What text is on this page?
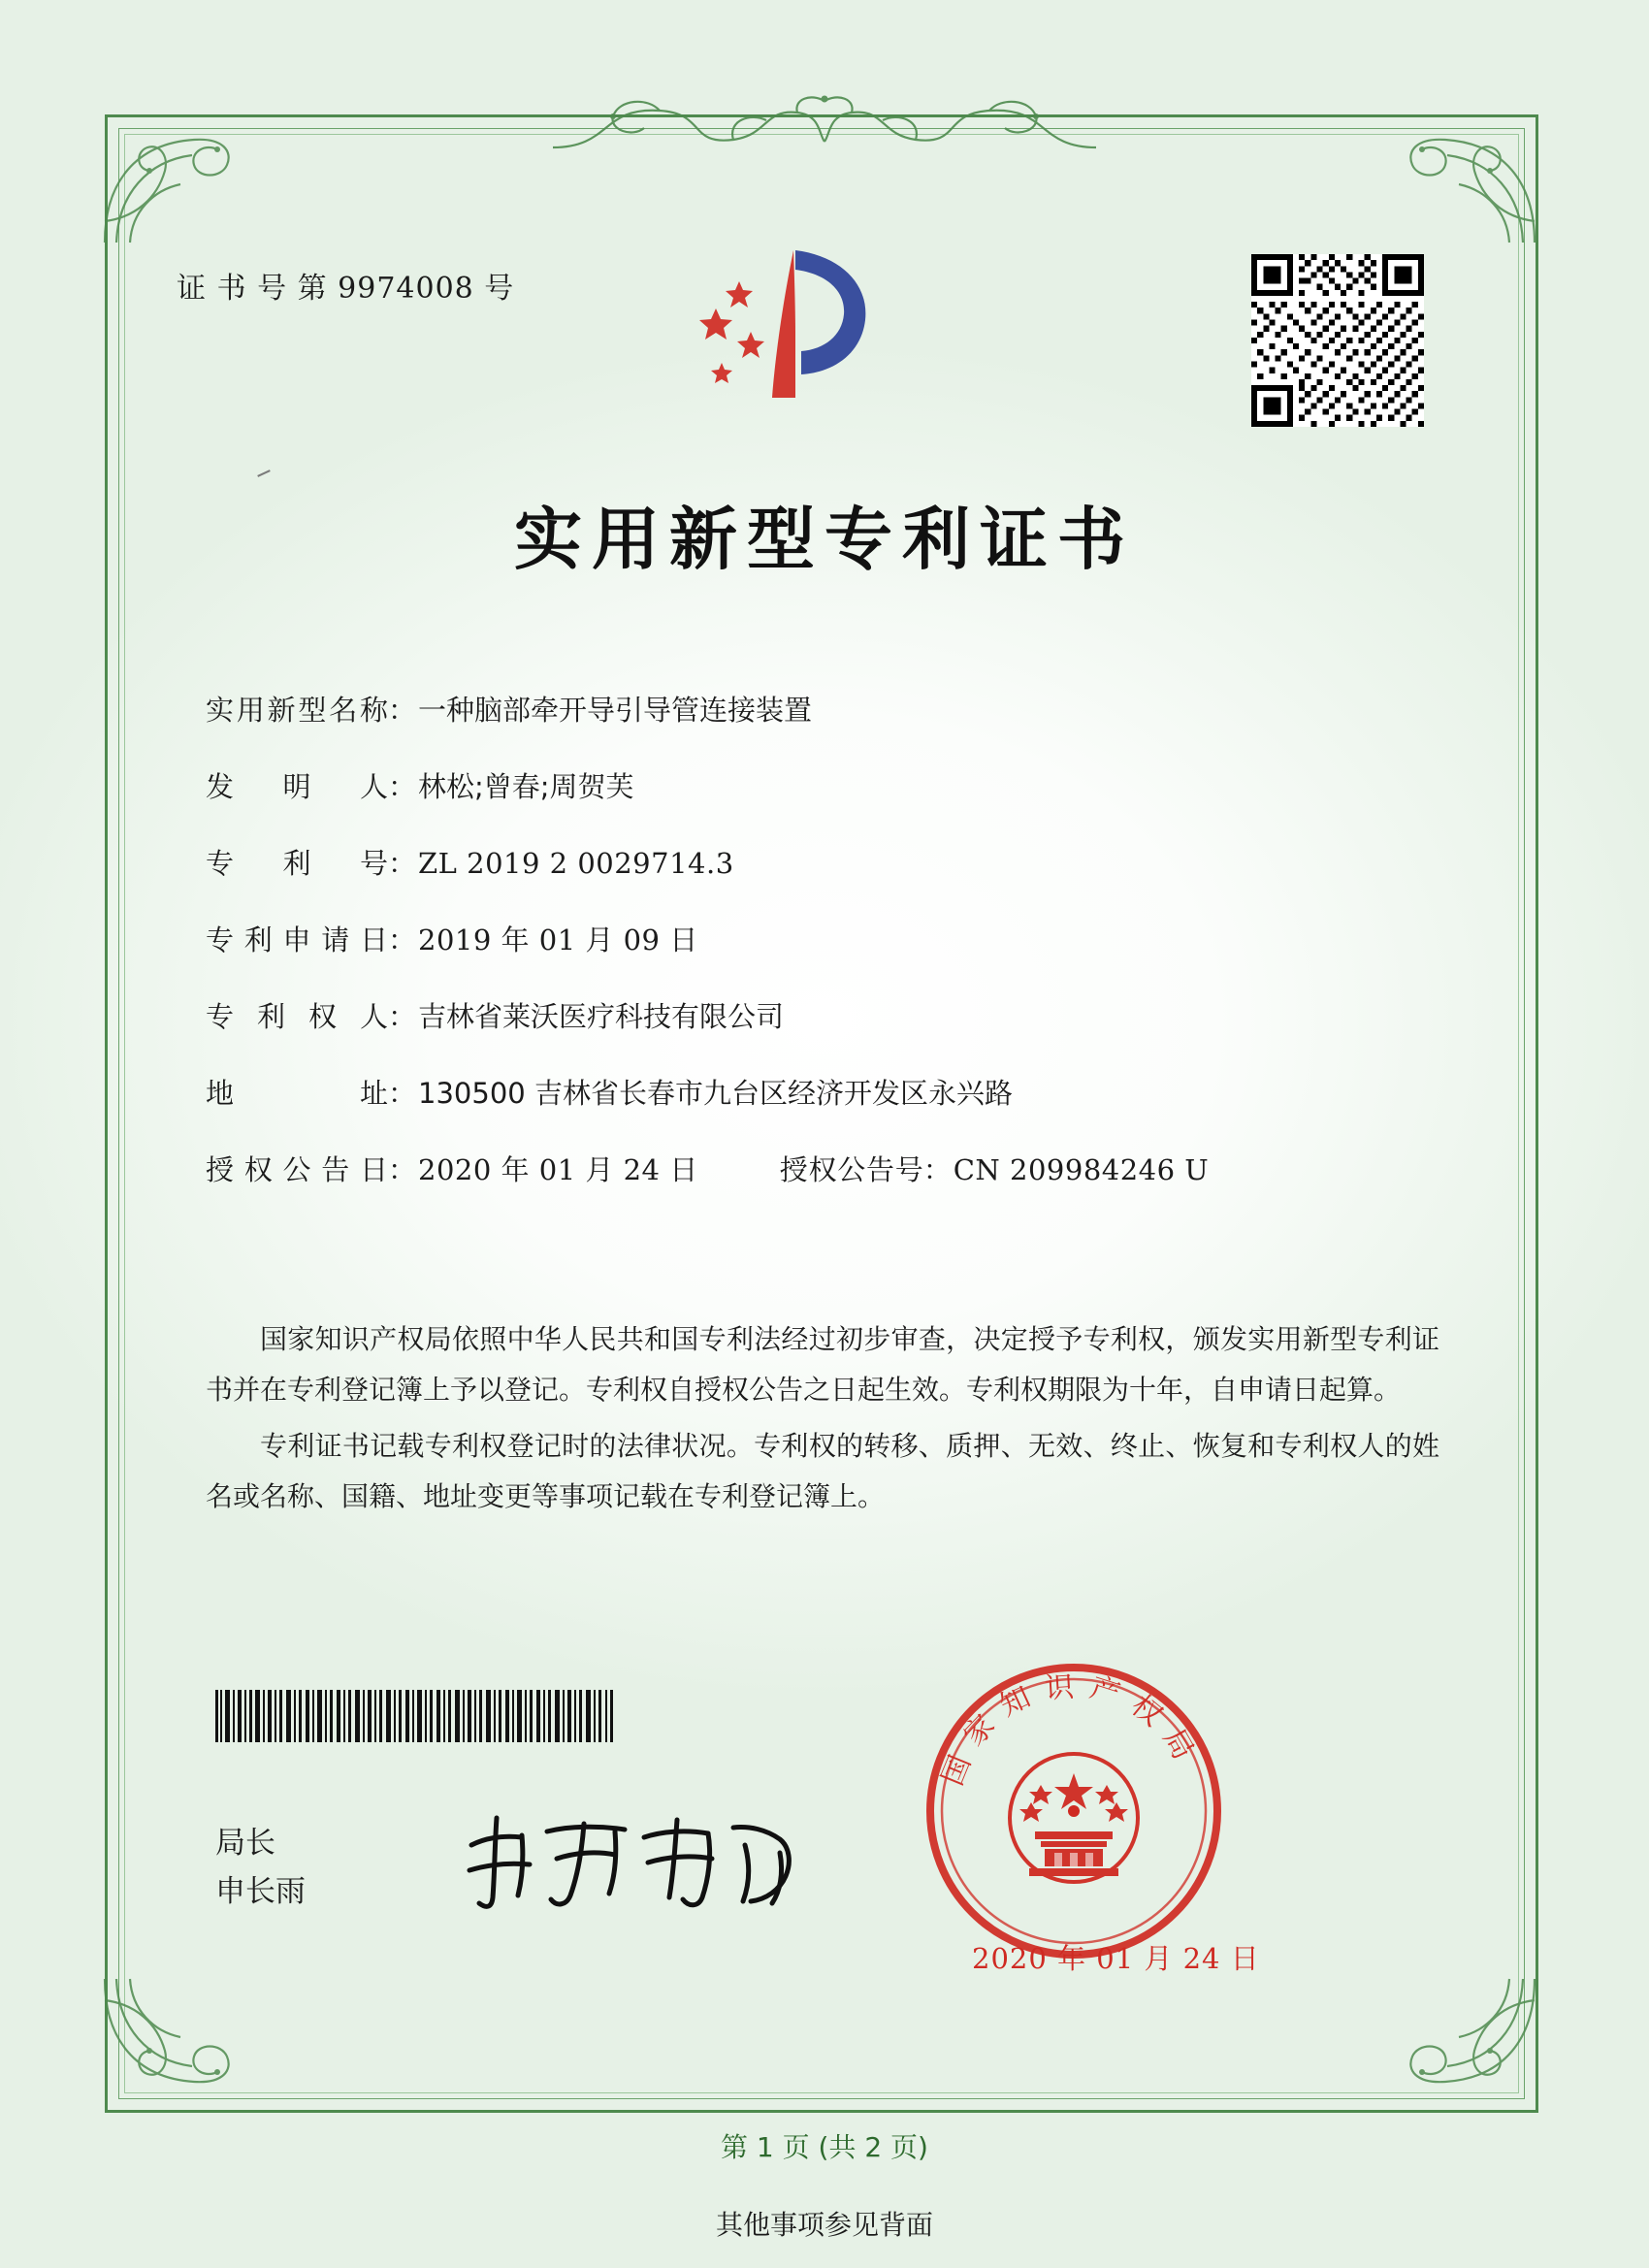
证 书 号 第 9974008 号
实用新型专利证书
实用新型名称 ： 一种脑部牵开导引导管连接装置
发明人 ： 林松;曾春;周贺芙
专利号 ： ZL 2019 2 0029714.3
专利申请日 ： 2019 年 01 月 09 日
专利权人 ： 吉林省莱沃医疗科技有限公司
地址 ： 130500 吉林省长春市九台区经济开发区永兴路
授权公告日 ： 2020 年 01 月 24 日	授权公告号 ： CN 209984246 U

国家知识产权局依照中华人民共和国专利法经过初步审查，决定授予专利权，颁发实用新型专利证书并在专利登记簿上予以登记。专利权自授权公告之日起生效。专利权期限为十年，自申请日起算。

专利证书记载专利权登记时的法律状况。专利权的转移、质押、无效、终止、恢复和专利权人的姓名或名称、国籍、地址变更等事项记载在专利登记簿上。

局长
申长雨
国家知识产权局
2020 年 01 月 24 日
第 1 页 (共 2 页)
其他事项参见背面
